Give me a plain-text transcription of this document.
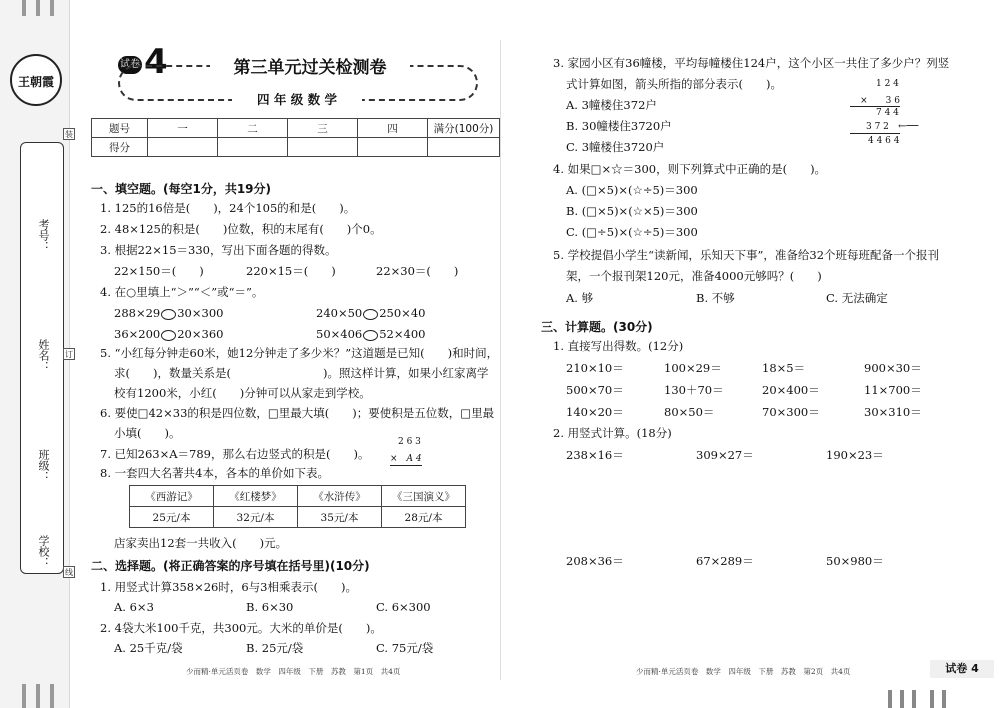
王朝霞
考号：
姓名：
班级：
学校：
装
订
线
试卷 4	第三单元过关检测卷
四 年 级 数 学
题号	一	二	三	四	满分(100分)
得分					
一、填空题。(每空1分，共19分)
1. 125的16倍是(　　)，24个105的和是(　　)。
2. 48×125的积是(　　)位数，积的末尾有(　　)个0。
3. 根据22×15＝330，写出下面各题的得数。
22×150＝(　　)	220×15＝(　　)	22×30＝(　　)
4. 在○里填上“＞”“＜”或“＝”。
288×29 30×300	240×50 250×40
36×200 20×360	50×406 52×400
5. “小红每分钟走60米，她12分钟走了多少米？”这道题是已知(　　)和时间，
求(　　)，数量关系是(　　　　　　　　)。照这样计算，如果小红家离学
校有1200米，小红(　　)分钟可以从家走到学校。
6. 要使□42×33的积是四位数，□里最大填(　　)；要使积是五位数，□里最
小填(　　)。
7. 已知263×A＝789，那么右边竖式的积是(　　)。
2 6 3
×　A 4
8. 一套四大名著共4本，各本的单价如下表。
《西游记》	《红楼梦》	《水浒传》	《三国演义》
25元/本	32元/本	35元/本	28元/本
店家卖出12套一共收入(　　)元。
二、选择题。(将正确答案的序号填在括号里)(10分)
1. 用竖式计算358×26时，6与3相乘表示(　　)。
A. 6×3	B. 6×30	C. 6×300
2. 4袋大米100千克，共300元。大米的单价是(　　)。
A. 25千克/袋	B. 25元/袋	C. 75元/袋
少而精·单元活页卷　数学　四年级　下册　苏教　第1页　共4页
3. 家园小区有36幢楼，平均每幢楼住124户，这个小区一共住了多少户？列竖
式计算如图，箭头所指的部分表示(　　)。
A. 3幢楼住372户
B. 30幢楼住3720户
C. 3幢楼住3720户
1 2 4
×　　3 6
7 4 4
3 7 2 ←──
4 4 6 4
4. 如果□×☆＝300，则下列算式中正确的是(　　)。
A. (□×5)×(☆÷5)＝300
B. (□×5)×(☆×5)＝300
C. (□÷5)×(☆÷5)＝300
5. 学校提倡小学生“读新闻，乐知天下事”，准备给32个班每班配备一个报刊
架，一个报刊架120元，准备4000元够吗？(　　)
A. 够	B. 不够	C. 无法确定
三、计算题。(30分)
1. 直接写出得数。(12分)
210×10＝	100×29＝	18×5＝	900×30＝
500×70＝	130＋70＝	20×400＝	11×700＝
140×20＝	80×50＝	70×300＝	30×310＝
2. 用竖式计算。(18分)
238×16＝	309×27＝	190×23＝
208×36＝	67×289＝	50×980＝
少而精·单元活页卷　数学　四年级　下册　苏教　第2页　共4页	试卷 4
